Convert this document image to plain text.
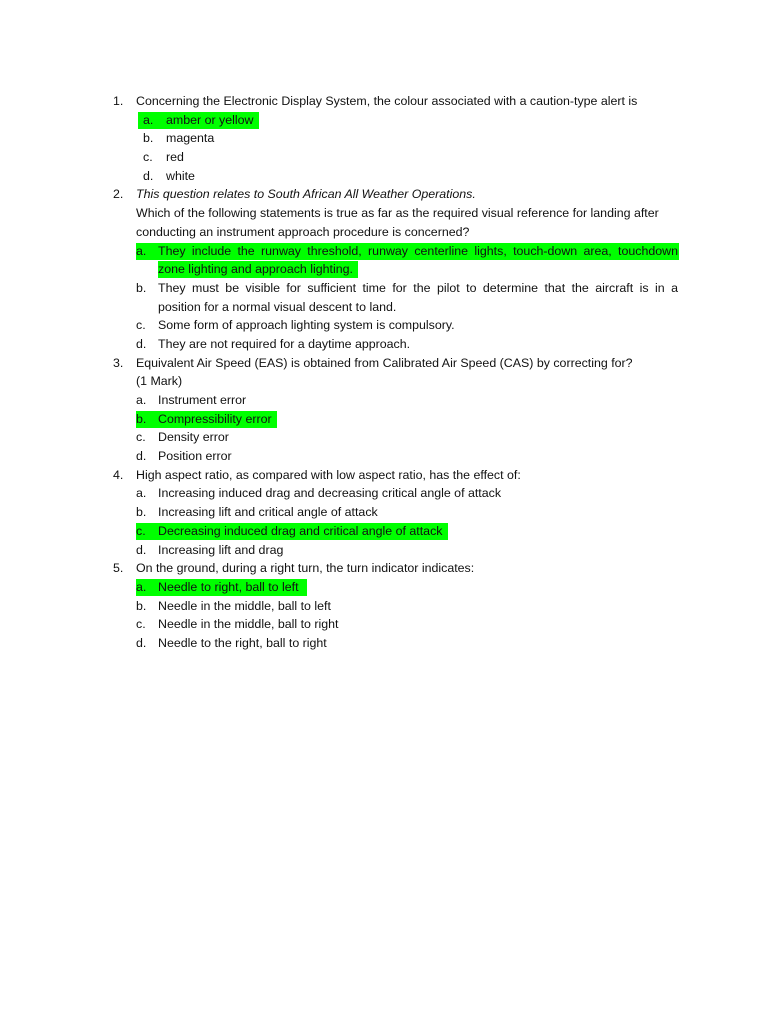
1. Concerning the Electronic Display System, the colour associated with a caution-type alert is
a. amber or yellow
b. magenta
c. red
d. white
2. This question relates to South African All Weather Operations.
Which of the following statements is true as far as the required visual reference for landing after
conducting an instrument approach procedure is concerned?
a. They include the runway threshold, runway centerline lights, touch-down area, touchdown
zone lighting and approach lighting.
b. They must be visible for sufficient time for the pilot to determine that the aircraft is in a
position for a normal visual descent to land.
c. Some form of approach lighting system is compulsory.
d. They are not required for a daytime approach.
3. Equivalent Air Speed (EAS) is obtained from Calibrated Air Speed (CAS) by correcting for?
(1 Mark)
a. Instrument error
b. Compressibility error
c. Density error
d. Position error
4. High aspect ratio, as compared with low aspect ratio, has the effect of:
a. Increasing induced drag and decreasing critical angle of attack
b. Increasing lift and critical angle of attack
c. Decreasing induced drag and critical angle of attack
d. Increasing lift and drag
5. On the ground, during a right turn, the turn indicator indicates:
a. Needle to right, ball to left
b. Needle in the middle, ball to left
c. Needle in the middle, ball to right
d. Needle to the right, ball to right
